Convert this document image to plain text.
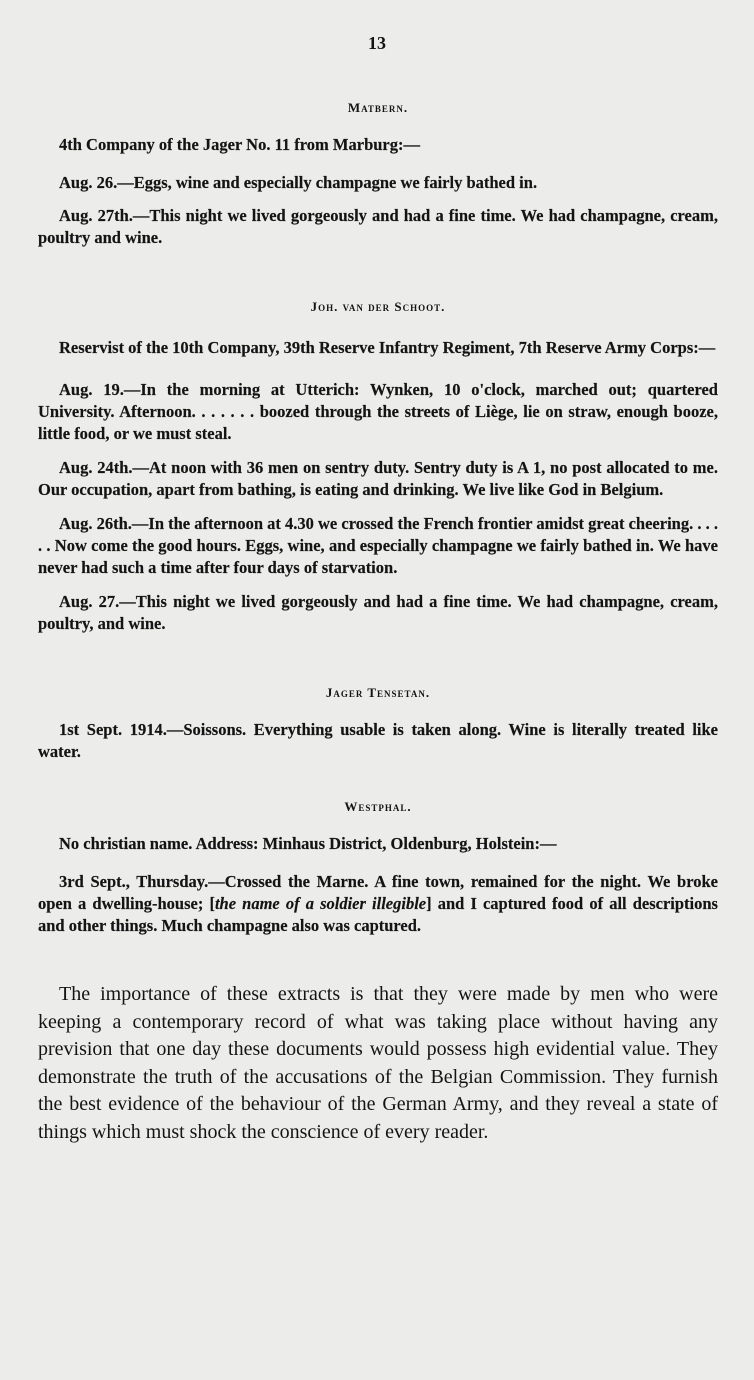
13

Matbern.

4th Company of the Jager No. 11 from Marburg:—

Aug. 26.—Eggs, wine and especially champagne we fairly bathed in.

Aug. 27th.—This night we lived gorgeously and had a fine time. We had champagne, cream, poultry and wine.

Joh. van der Schoot.

Reservist of the 10th Company, 39th Reserve Infantry Regiment, 7th Reserve Army Corps:—

Aug. 19.—In the morning at Utterich: Wynken, 10 o'clock, marched out; quartered University. Afternoon. . . . . . . boozed through the streets of Liège, lie on straw, enough booze, little food, or we must steal.

Aug. 24th.—At noon with 36 men on sentry duty. Sentry duty is A 1, no post allocated to me. Our occupation, apart from bathing, is eating and drinking. We live like God in Belgium.

Aug. 26th.—In the afternoon at 4.30 we crossed the French frontier amidst great cheering. . . . . . Now come the good hours. Eggs, wine, and especially champagne we fairly bathed in. We have never had such a time after four days of starvation.

Aug. 27.—This night we lived gorgeously and had a fine time. We had champagne, cream, poultry, and wine.

Jager Tensetan.

1st Sept. 1914.—Soissons. Everything usable is taken along. Wine is literally treated like water.

Westphal.

No christian name. Address: Minhaus District, Oldenburg, Holstein:—

3rd Sept., Thursday.—Crossed the Marne. A fine town, remained for the night. We broke open a dwelling-house; [the name of a soldier illegible] and I captured food of all descriptions and other things. Much champagne also was captured.

The importance of these extracts is that they were made by men who were keeping a contemporary record of what was taking place without having any prevision that one day these documents would possess high evidential value. They demonstrate the truth of the accusations of the Belgian Commission. They furnish the best evidence of the behaviour of the German Army, and they reveal a state of things which must shock the conscience of every reader.
